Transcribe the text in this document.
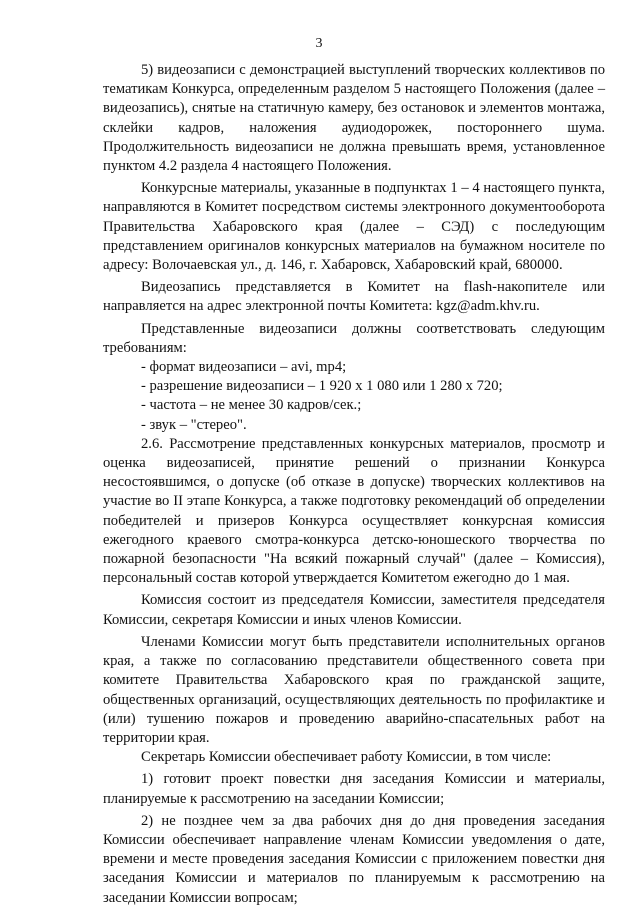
3

5) видеозаписи с демонстрацией выступлений творческих коллективов по тематикам Конкурса, определенным разделом 5 настоящего Положения (далее – видеозапись), снятые на статичную камеру, без остановок и элементов монтажа, склейки кадров, наложения аудиодорожек, постороннего шума. Продолжительность видеозаписи не должна превышать время, установленное пунктом 4.2 раздела 4 настоящего Положения.

Конкурсные материалы, указанные в подпунктах 1 – 4 настоящего пункта, направляются в Комитет посредством системы электронного документооборота Правительства Хабаровского края (далее – СЭД) с последующим представлением оригиналов конкурсных материалов на бумажном носителе по адресу: Волочаевская ул., д. 146, г. Хабаровск, Хабаровский край, 680000.

Видеозапись представляется в Комитет на flash-накопителе или направляется на адрес электронной почты Комитета: kgz@adm.khv.ru.

Представленные видеозаписи должны соответствовать следующим требованиям:

- формат видеозаписи – avi, mp4;

- разрешение видеозаписи – 1 920 x 1 080 или 1 280 x 720;

- частота – не менее 30 кадров/сек.;

- звук – "стерео".

2.6. Рассмотрение представленных конкурсных материалов, просмотр и оценка видеозаписей, принятие решений о признании Конкурса несостоявшимся, о допуске (об отказе в допуске) творческих коллективов на участие во II этапе Конкурса, а также подготовку рекомендаций об определении победителей и призеров Конкурса осуществляет конкурсная комиссия ежегодного краевого смотра-конкурса детско-юношеского творчества по пожарной безопасности "На всякий пожарный случай" (далее – Комиссия), персональный состав которой утверждается Комитетом ежегодно до 1 мая.

Комиссия состоит из председателя Комиссии, заместителя председателя Комиссии, секретаря Комиссии и иных членов Комиссии.

Членами Комиссии могут быть представители исполнительных органов края, а также по согласованию представители общественного совета при комитете Правительства Хабаровского края по гражданской защите, общественных организаций, осуществляющих деятельность по профилактике и (или) тушению пожаров и проведению аварийно-спасательных работ на территории края.

Секретарь Комиссии обеспечивает работу Комиссии, в том числе:

1) готовит проект повестки дня заседания Комиссии и материалы, планируемые к рассмотрению на заседании Комиссии;

2) не позднее чем за два рабочих дня до дня проведения заседания Комиссии обеспечивает направление членам Комиссии уведомления о дате, времени и месте проведения заседания Комиссии с приложением повестки дня заседания Комиссии и материалов по планируемым к рассмотрению на заседании Комиссии вопросам;
